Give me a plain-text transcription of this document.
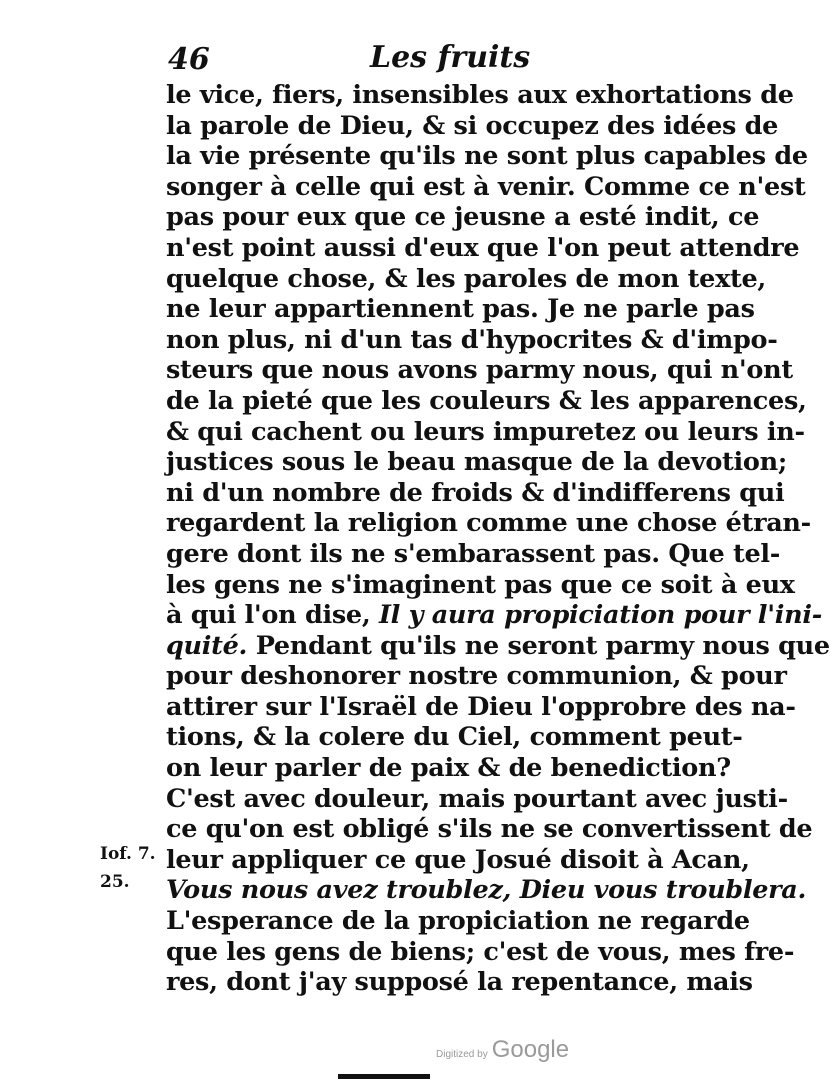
46	Les fruits
le vice, fiers, insensibles aux exhortations de
la parole de Dieu, & si occupez des idées de
la vie présente qu'ils ne sont plus capables de
songer à celle qui est à venir. Comme ce n'est
pas pour eux que ce jeusne a esté indit, ce
n'est point aussi d'eux que l'on peut attendre
quelque chose, & les paroles de mon texte,
ne leur appartiennent pas. Je ne parle pas
non plus, ni d'un tas d'hypocrites & d'impo-
steurs que nous avons parmy nous, qui n'ont
de la pieté que les couleurs & les apparences,
& qui cachent ou leurs impuretez ou leurs in-
justices sous le beau masque de la devotion;
ni d'un nombre de froids & d'indifferens qui
regardent la religion comme une chose étran-
gere dont ils ne s'embarassent pas. Que tel-
les gens ne s'imaginent pas que ce soit à eux
à qui l'on dise, Il y aura propiciation pour l'ini-
quité. Pendant qu'ils ne seront parmy nous que
pour deshonorer nostre communion, & pour
attirer sur l'Israël de Dieu l'opprobre des na-
tions, & la colere du Ciel, comment peut-
on leur parler de paix & de benediction?
C'est avec douleur, mais pourtant avec justi-
ce qu'on est obligé s'ils ne se convertissent de
leur appliquer ce que Josué disoit à Acan,
Vous nous avez troublez, Dieu vous troublera.
L'esperance de la propiciation ne regarde
que les gens de biens; c'est de vous, mes fre-
res, dont j'ay supposé la repentance, mais
Iof. 7.
25.
Digitized by Google
